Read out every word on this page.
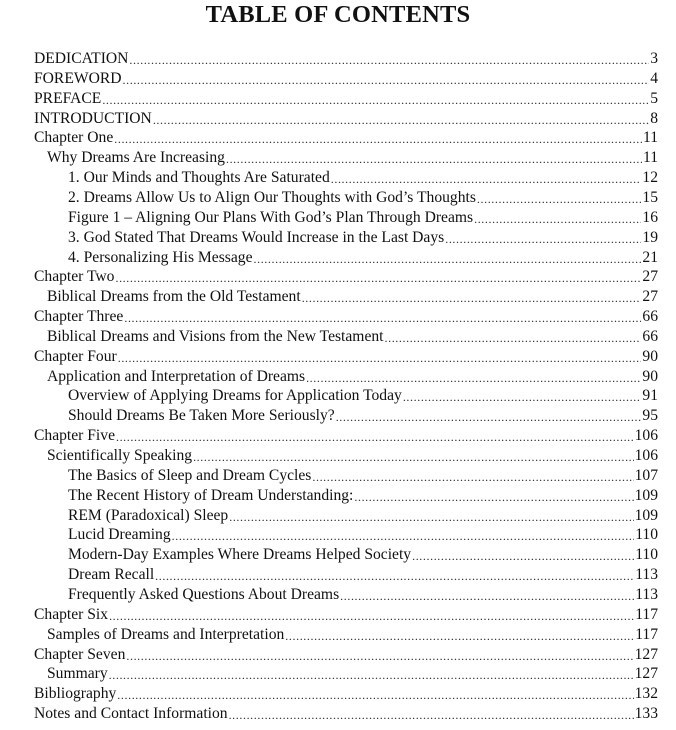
TABLE OF CONTENTS
DEDICATION .....	3
FOREWORD .....	4
PREFACE .....	5
INTRODUCTION .....	8
Chapter One .....	11
Why Dreams Are Increasing .....	11
1. Our Minds and Thoughts Are Saturated .....	12
2. Dreams Allow Us to Align Our Thoughts with God’s Thoughts .....	15
Figure 1 – Aligning Our Plans With God’s Plan Through Dreams .....	16
3. God Stated That Dreams Would Increase in the Last Days .....	19
4. Personalizing His Message .....	21
Chapter Two .....	27
Biblical Dreams from the Old Testament .....	27
Chapter Three .....	66
Biblical Dreams and Visions from the New Testament .....	66
Chapter Four .....	90
Application and Interpretation of Dreams .....	90
Overview of Applying Dreams for Application Today .....	91
Should Dreams Be Taken More Seriously? .....	95
Chapter Five .....	106
Scientifically Speaking .....	106
The Basics of Sleep and Dream Cycles .....	107
The Recent History of Dream Understanding: .....	109
REM (Paradoxical) Sleep .....	109
Lucid Dreaming .....	110
Modern-Day Examples Where Dreams Helped Society .....	110
Dream Recall .....	113
Frequently Asked Questions About Dreams .....	113
Chapter Six .....	117
Samples of Dreams and Interpretation .....	117
Chapter Seven .....	127
Summary .....	127
Bibliography .....	132
Notes and Contact Information .....	133
